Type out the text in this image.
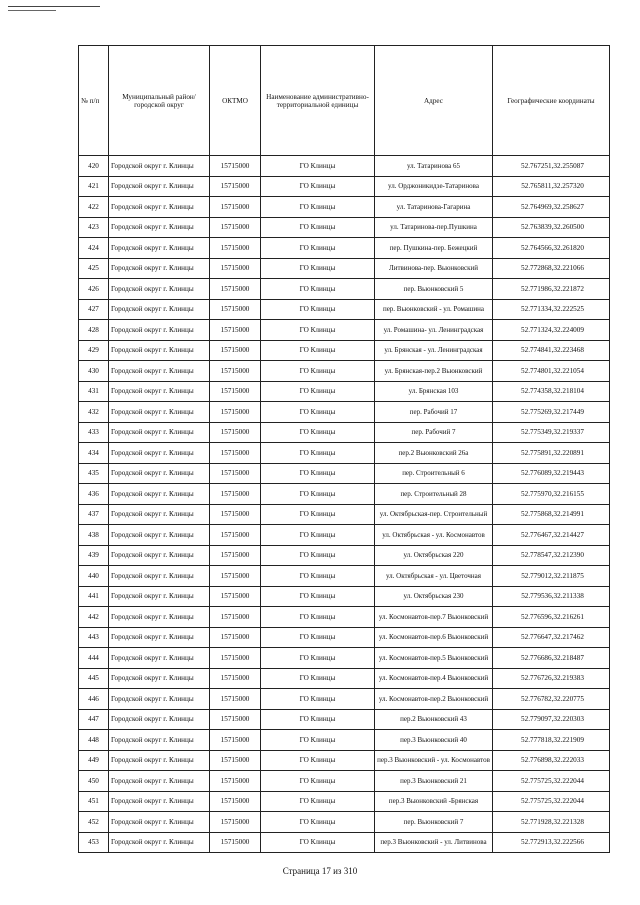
№ п/п	Муниципальный район/городской округ	ОКТМО	Наименование административно-территориальной единицы	Адрес	Географические координаты
420	Городской округ г. Клинцы	15715000	ГО Клинцы	ул. Татаринова 65	52.767251,32.255087
421	Городской округ г. Клинцы	15715000	ГО Клинцы	ул. Орджоникидзе-Татаринова	52.765811,32.257320
422	Городской округ г. Клинцы	15715000	ГО Клинцы	ул. Татаринова-Гагарина	52.764969,32.258627
423	Городской округ г. Клинцы	15715000	ГО Клинцы	ул. Татаринова-пер.Пушкина	52.763839,32.260500
424	Городской округ г. Клинцы	15715000	ГО Клинцы	пер. Пушкина-пер. Бежецкий	52.764566,32.261820
425	Городской округ г. Клинцы	15715000	ГО Клинцы	Литвинова-пер. Вьюнковский	52.772868,32.221066
426	Городской округ г. Клинцы	15715000	ГО Клинцы	пер. Вьюнковский 5	52.771986,32.221872
427	Городской округ г. Клинцы	15715000	ГО Клинцы	пер. Вьюнковский - ул. Ромашина	52.771334,32.222525
428	Городской округ г. Клинцы	15715000	ГО Клинцы	ул. Ромашина- ул. Ленинградская	52.771324,32.224009
429	Городской округ г. Клинцы	15715000	ГО Клинцы	ул. Брянская - ул. Ленинградская	52.774841,32.223468
430	Городской округ г. Клинцы	15715000	ГО Клинцы	ул. Брянская-пер.2 Вьюнковский	52.774801,32.221054
431	Городской округ г. Клинцы	15715000	ГО Клинцы	ул. Брянская 103	52.774358,32.218104
432	Городской округ г. Клинцы	15715000	ГО Клинцы	пер. Рабочий 17	52.775269,32.217449
433	Городской округ г. Клинцы	15715000	ГО Клинцы	пер. Рабочий 7	52.775349,32.219337
434	Городской округ г. Клинцы	15715000	ГО Клинцы	пер.2 Вьюнковский 26а	52.775891,32.220891
435	Городской округ г. Клинцы	15715000	ГО Клинцы	пер. Строительный 6	52.776089,32.219443
436	Городской округ г. Клинцы	15715000	ГО Клинцы	пер. Строительный 28	52.775970,32.216155
437	Городской округ г. Клинцы	15715000	ГО Клинцы	ул. Октябрьская-пер. Строительный	52.775868,32.214991
438	Городской округ г. Клинцы	15715000	ГО Клинцы	ул. Октябрьская - ул. Космонавтов	52.776467,32.214427
439	Городской округ г. Клинцы	15715000	ГО Клинцы	ул. Октябрьская 220	52.778547,32.212390
440	Городской округ г. Клинцы	15715000	ГО Клинцы	ул. Октябрьская - ул. Цветочная	52.779012,32.211875
441	Городской округ г. Клинцы	15715000	ГО Клинцы	ул. Октябрьская 230	52.779536,32.211338
442	Городской округ г. Клинцы	15715000	ГО Клинцы	ул. Космонавтов-пер.7 Вьюнковский	52.776596,32.216261
443	Городской округ г. Клинцы	15715000	ГО Клинцы	ул. Космонавтов-пер.6 Вьюнковский	52.776647,32.217462
444	Городской округ г. Клинцы	15715000	ГО Клинцы	ул. Космонавтов-пер.5 Вьюнковский	52.776686,32.218487
445	Городской округ г. Клинцы	15715000	ГО Клинцы	ул. Космонавтов-пер.4 Вьюнковский	52.776726,32.219383
446	Городской округ г. Клинцы	15715000	ГО Клинцы	ул. Космонавтов-пер.2 Вьюнковский	52.776782,32.220775
447	Городской округ г. Клинцы	15715000	ГО Клинцы	пер.2 Вьюнковский 43	52.779097,32.220303
448	Городской округ г. Клинцы	15715000	ГО Клинцы	пер.3 Вьюнковский 40	52.777818,32.221909
449	Городской округ г. Клинцы	15715000	ГО Клинцы	пер.3 Вьюнковский - ул. Космонавтов	52.776898,32.222033
450	Городской округ г. Клинцы	15715000	ГО Клинцы	пер.3 Вьюнковский 21	52.775725,32.222044
451	Городской округ г. Клинцы	15715000	ГО Клинцы	пер.3 Вьюнковский -Брянская	52.775725,32.222044
452	Городской округ г. Клинцы	15715000	ГО Клинцы	пер. Вьюнковский 7	52.771928,32.221328
453	Городской округ г. Клинцы	15715000	ГО Клинцы	пер.3 Вьюнковский - ул. Литвинова	52.772913,32.222566
Страница 17 из 310
